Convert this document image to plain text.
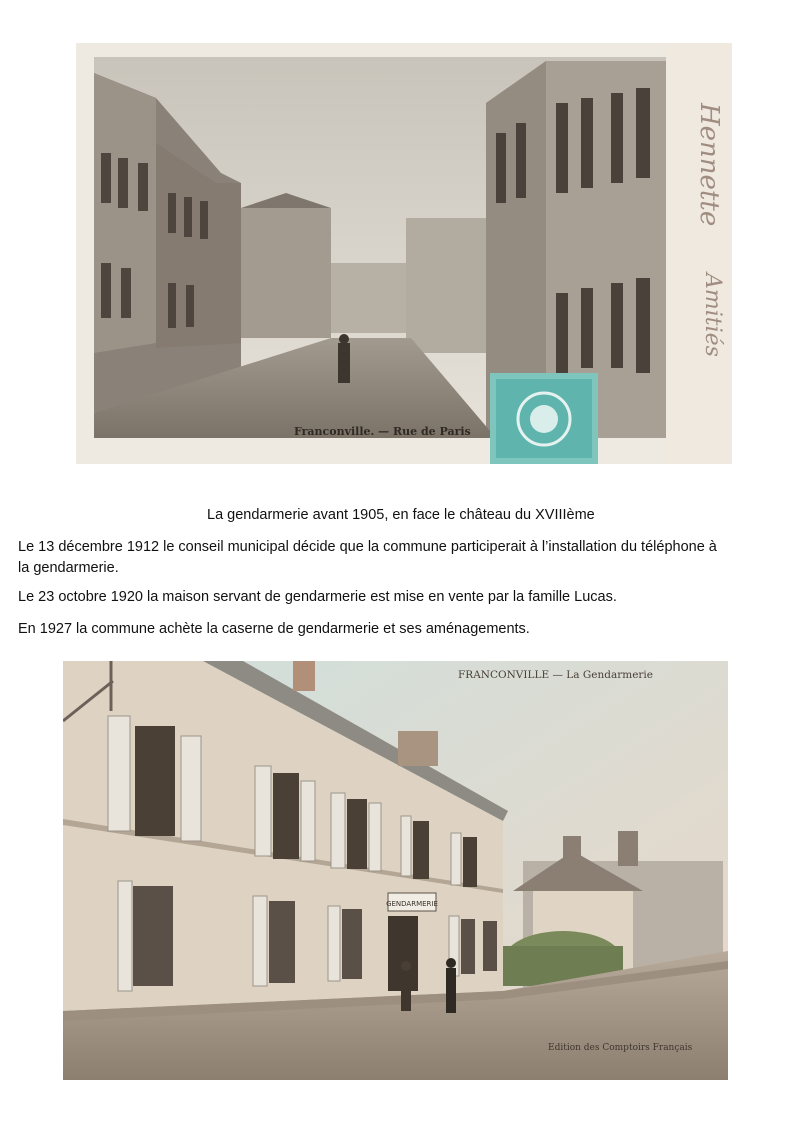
Hennette
Amitiés
Franconville. — Rue de Paris
La gendarmerie avant 1905, en face le château du XVIIIème
Le 13 décembre 1912 le conseil municipal décide que la commune participerait à l’installation du téléphone à la gendarmerie.
Le 23 octobre 1920 la maison servant de gendarmerie est mise en vente par la famille Lucas.
En 1927 la commune achète la caserne de gendarmerie et ses aménagements.
GENDARMERIE
FRANCONVILLE — La Gendarmerie
Edition des Comptoirs Français
